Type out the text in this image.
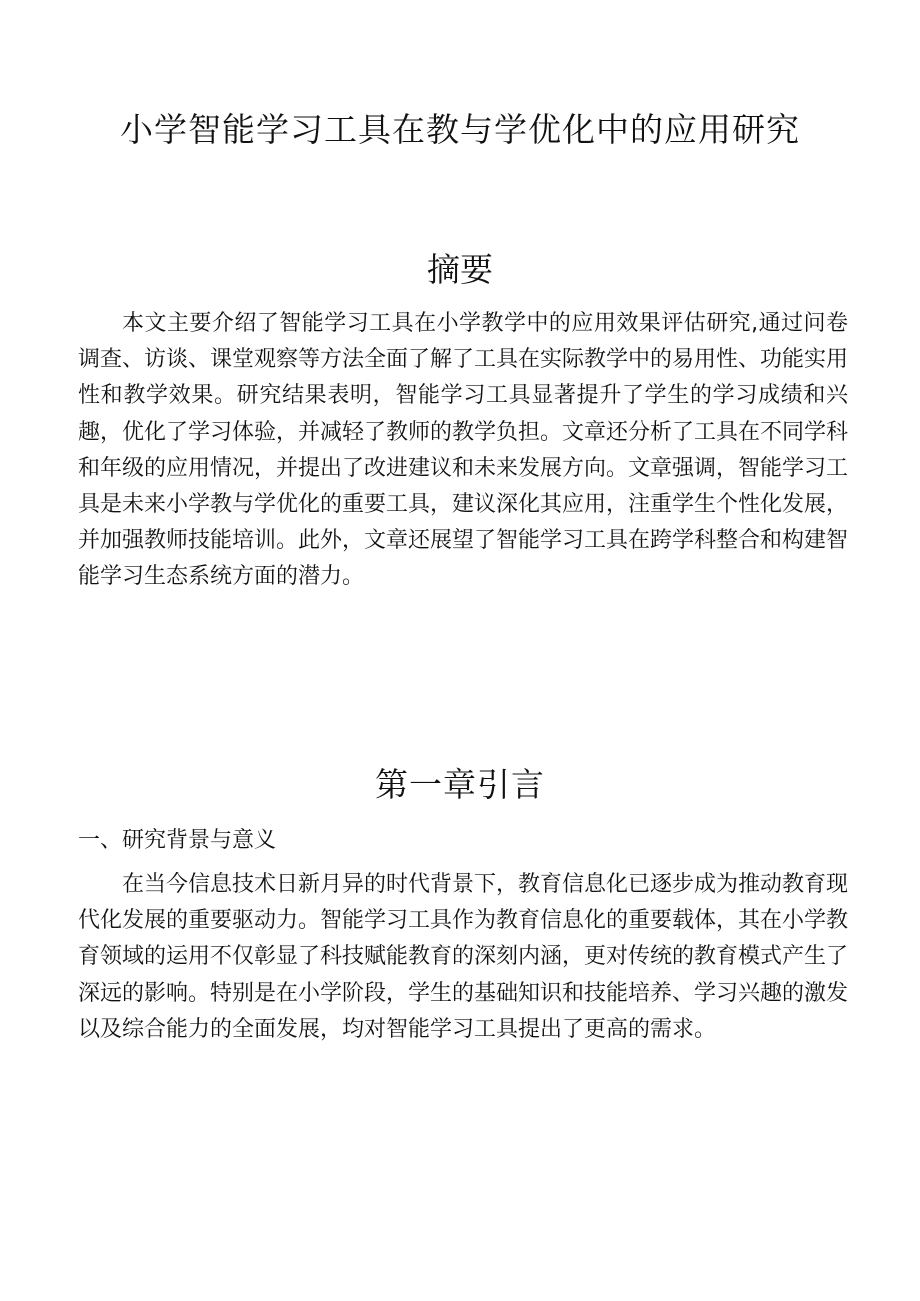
小学智能学习工具在教与学优化中的应用研究
摘要

本文主要介绍了智能学习工具在小学教学中的应用效果评估研究,通过问卷调查、访谈、课堂观察等方法全面了解了工具在实际教学中的易用性、功能实用性和教学效果。研究结果表明，智能学习工具显著提升了学生的学习成绩和兴趣，优化了学习体验，并减轻了教师的教学负担。文章还分析了工具在不同学科和年级的应用情况，并提出了改进建议和未来发展方向。文章强调，智能学习工具是未来小学教与学优化的重要工具，建议深化其应用，注重学生个性化发展，并加强教师技能培训。此外，文章还展望了智能学习工具在跨学科整合和构建智能学习生态系统方面的潜力。

第一章引言
一、研究背景与意义

在当今信息技术日新月异的时代背景下，教育信息化已逐步成为推动教育现代化发展的重要驱动力。智能学习工具作为教育信息化的重要载体，其在小学教育领域的运用不仅彰显了科技赋能教育的深刻内涵，更对传统的教育模式产生了深远的影响。特别是在小学阶段，学生的基础知识和技能培养、学习兴趣的激发以及综合能力的全面发展，均对智能学习工具提出了更高的需求。
